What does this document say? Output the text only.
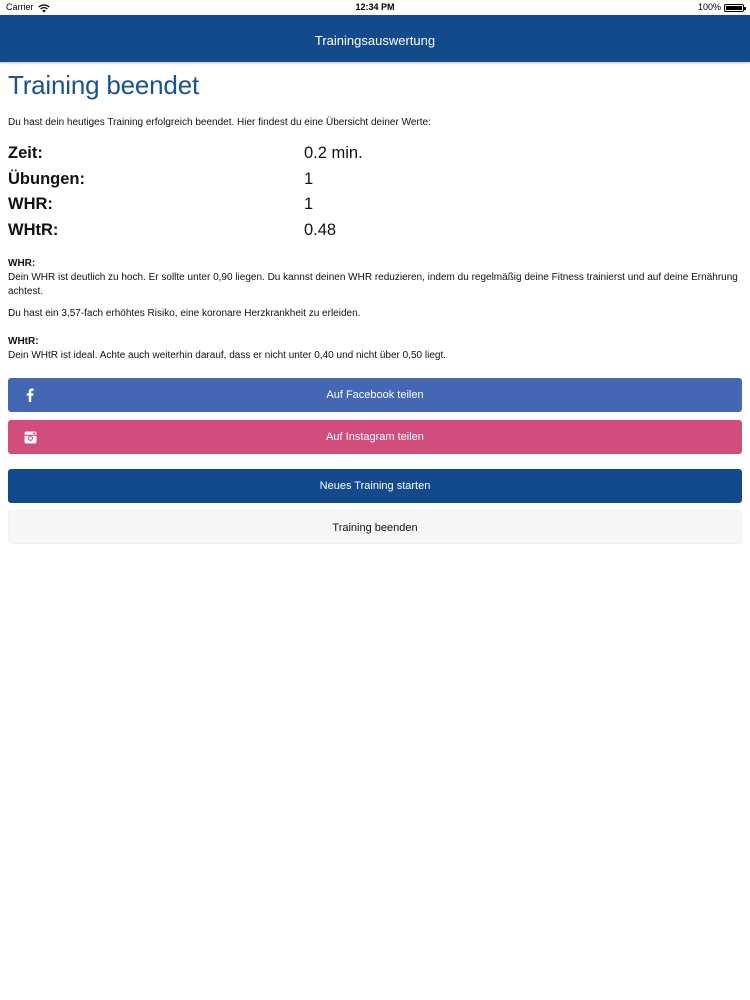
Carrier	12:34 PM	100%
Trainingsauswertung
Training beendet

Du hast dein heutiges Training erfolgreich beendet. Hier findest du eine Übersicht deiner Werte:

Zeit:	0.2 min.
Übungen:	1
WHR:	1
WHtR:	0.48
WHR:

Dein WHR ist deutlich zu hoch. Er sollte unter 0,90 liegen. Du kannst deinen WHR reduzieren, indem du regelmäßig deine Fitness trainierst und auf deine Ernährung achtest.

Du hast ein 3,57-fach erhöhtes Risiko, eine koronare Herzkrankheit zu erleiden.

WHtR:

Dein WHtR ist ideal. Achte auch weiterhin darauf, dass er nicht unter 0,40 und nicht über 0,50 liegt.

Auf Facebook teilen
Auf Instagram teilen
Neues Training starten
Training beenden
